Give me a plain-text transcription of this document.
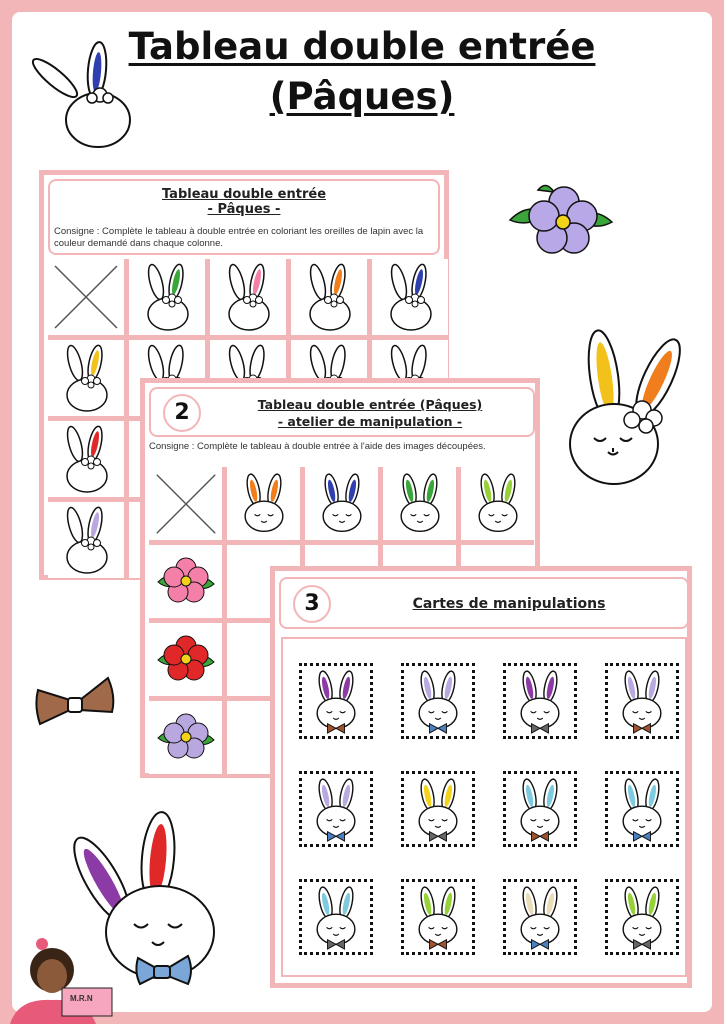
Tableau double entrée
(Pâques)
Tableau double entrée
- Pâques -
Consigne : Complète le tableau à double entrée en coloriant les oreilles de lapin avec la couleur demandé dans chaque colonne.
2	Tableau double entrée (Pâques)
- atelier de manipulation -
Consigne : Complète le tableau à double entrée à l'aide des images découpées.
3	Cartes de manipulations
M.R.N
